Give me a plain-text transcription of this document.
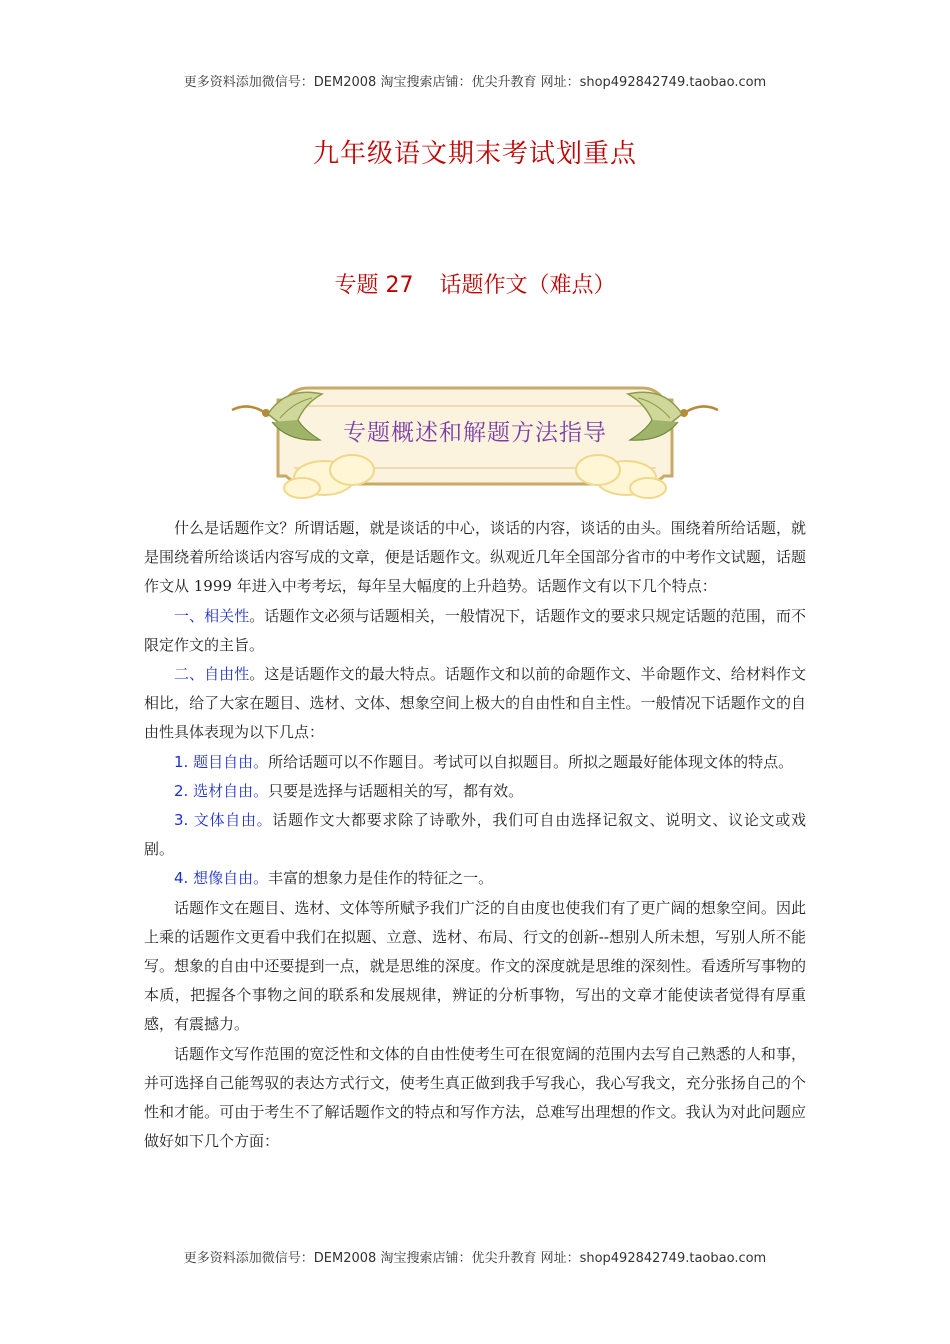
更多资料添加微信号：DEM2008 淘宝搜索店铺：优尖升教育 网址：shop492842749.taobao.com
九年级语文期末考试划重点
专题 27 话题作文（难点）
专题概述和解题方法指导

什么是话题作文？所谓话题，就是谈话的中心，谈话的内容，谈话的由头。围绕着所给话题，就是围绕着所给谈话内容写成的文章，便是话题作文。纵观近几年全国部分省市的中考作文试题，话题作文从 1999 年进入中考考坛，每年呈大幅度的上升趋势。话题作文有以下几个特点：

一、相关性。话题作文必须与话题相关，一般情况下，话题作文的要求只规定话题的范围，而不限定作文的主旨。

二、自由性。这是话题作文的最大特点。话题作文和以前的命题作文、半命题作文、给材料作文相比，给了大家在题目、选材、文体、想象空间上极大的自由性和自主性。一般情况下话题作文的自由性具体表现为以下几点：

1. 题目自由。所给话题可以不作题目。考试可以自拟题目。所拟之题最好能体现文体的特点。

2. 选材自由。只要是选择与话题相关的写，都有效。

3. 文体自由。话题作文大都要求除了诗歌外，我们可自由选择记叙文、说明文、议论文或戏剧。

4. 想像自由。丰富的想象力是佳作的特征之一。

话题作文在题目、选材、文体等所赋予我们广泛的自由度也使我们有了更广阔的想象空间。因此上乘的话题作文更看中我们在拟题、立意、选材、布局、行文的创新--想别人所未想，写别人所不能写。想象的自由中还要提到一点，就是思维的深度。作文的深度就是思维的深刻性。看透所写事物的本质，把握各个事物之间的联系和发展规律，辨证的分析事物，写出的文章才能使读者觉得有厚重感，有震撼力。

话题作文写作范围的宽泛性和文体的自由性使考生可在很宽阔的范围内去写自己熟悉的人和事，并可选择自己能驾驭的表达方式行文，使考生真正做到我手写我心，我心写我文，充分张扬自己的个性和才能。可由于考生不了解话题作文的特点和写作方法，总难写出理想的作文。我认为对此问题应做好如下几个方面：

更多资料添加微信号：DEM2008 淘宝搜索店铺：优尖升教育 网址：shop492842749.taobao.com
